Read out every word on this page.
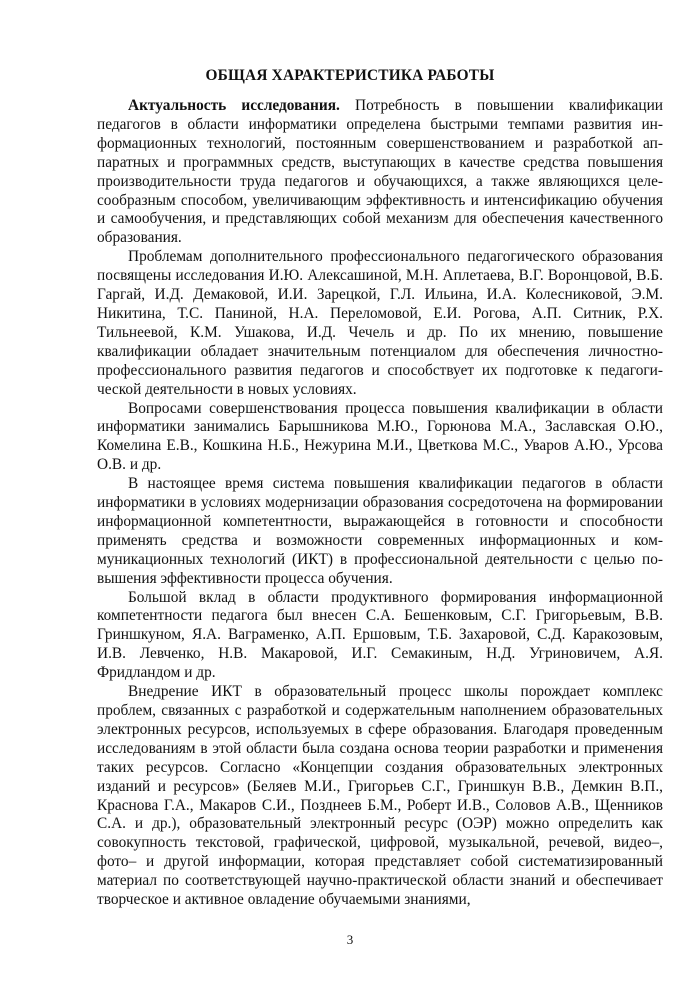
ОБЩАЯ ХАРАКТЕРИСТИКА РАБОТЫ

Актуальность исследования. Потребность в повышении квалификации педагогов в области информатики определена быстрыми темпами развития информационных технологий, постоянным совершенствованием и разработкой аппаратных и программных средств, выступающих в качестве средства повышения производительности труда педагогов и обучающихся, а также являющихся целесообразным способом, увеличивающим эффективность и интенсификацию обучения и самообучения, и представляющих собой механизм для обеспечения качественного образования.

Проблемам дополнительного профессионального педагогического образования посвящены исследования И.Ю. Алексашиной, М.Н. Аплетаева, В.Г. Воронцовой, В.Б. Гаргай, И.Д. Демаковой, И.И. Зарецкой, Г.Л. Ильина, И.А. Колесниковой, Э.М. Никитина, Т.С. Паниной, Н.А. Переломовой, Е.И. Рогова, А.П. Ситник, Р.Х. Тильнеевой, К.М. Ушакова, И.Д. Чечель и др. По их мнению, повышение квалификации обладает значительным потенциалом для обеспечения личностно-профессионального развития педагогов и способствует их подготовке к педагогической деятельности в новых условиях.

Вопросами совершенствования процесса повышения квалификации в области информатики занимались Барышникова М.Ю., Горюнова М.А., Заславская О.Ю., Комелина Е.В., Кошкина Н.Б., Нежурина М.И., Цветкова М.С., Уваров А.Ю., Урсова О.В. и др.

В настоящее время система повышения квалификации педагогов в области информатики в условиях модернизации образования сосредоточена на формировании информационной компетентности, выражающейся в готовности и способности применять средства и возможности современных информационных и коммуникационных технологий (ИКТ) в профессиональной деятельности с целью повышения эффективности процесса обучения.

Большой вклад в области продуктивного формирования информационной компетентности педагога был внесен С.А. Бешенковым, С.Г. Григорьевым, В.В. Гриншкуном, Я.А. Ваграменко, А.П. Ершовым, Т.Б. Захаровой, С.Д. Каракозовым, И.В. Левченко, Н.В. Макаровой, И.Г. Семакиным, Н.Д. Угриновичем, А.Я. Фридландом и др.

Внедрение ИКТ в образовательный процесс школы порождает комплекс проблем, связанных с разработкой и содержательным наполнением образовательных электронных ресурсов, используемых в сфере образования. Благодаря проведенным исследованиям в этой области была создана основа теории разработки и применения таких ресурсов. Согласно «Концепции создания образовательных электронных изданий и ресурсов» (Беляев М.И., Григорьев С.Г., Гриншкун В.В., Демкин В.П., Краснова Г.А., Макаров С.И., Позднеев Б.М., Роберт И.В., Соловов А.В., Щенников С.А. и др.), образовательный электронный ресурс (ОЭР) можно определить как совокупность текстовой, графической, цифровой, музыкальной, речевой, видео–, фото– и другой информации, которая представляет собой систематизированный материал по соответствующей научно-практической области знаний и обеспечивает творческое и активное овладение обучаемыми знаниями,

3
